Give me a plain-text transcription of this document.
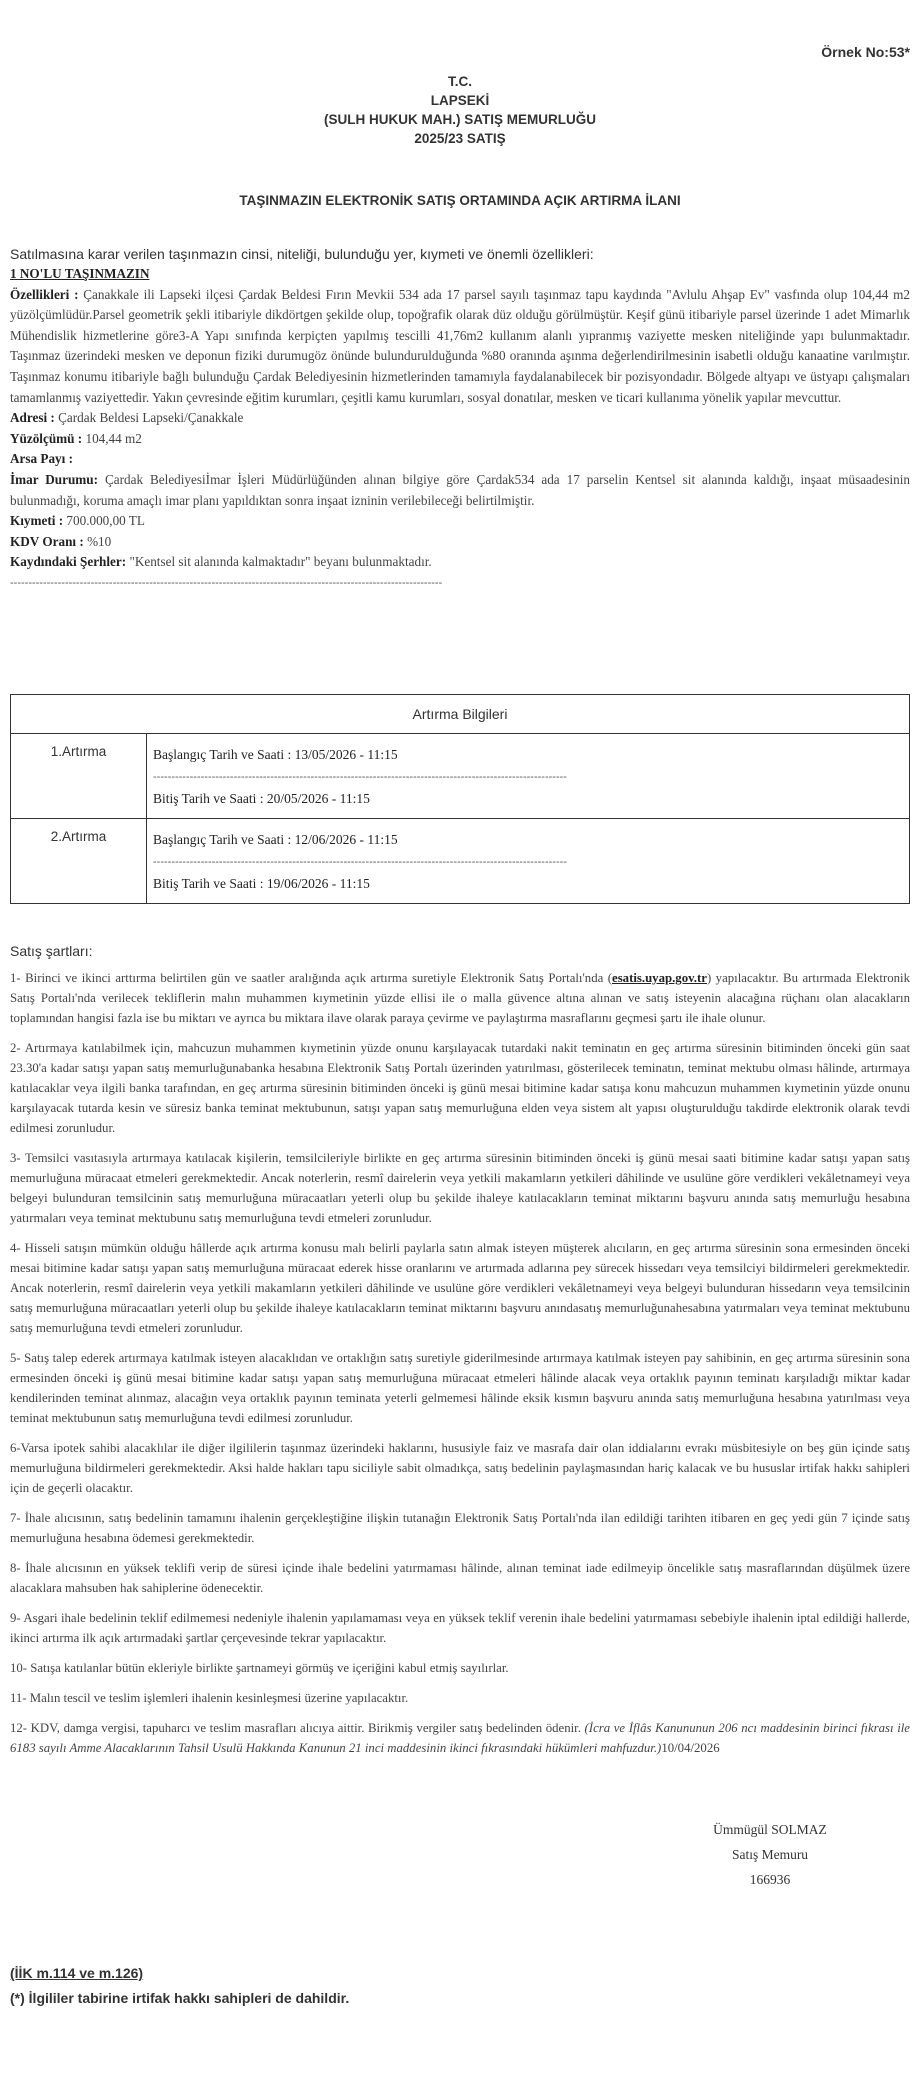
Örnek No:53*
T.C.
LAPSEKİ
(SULH HUKUK MAH.) SATIŞ MEMURLUĞU
2025/23 SATIŞ
TAŞINMAZIN ELEKTRONİK SATIŞ ORTAMINDA AÇIK ARTIRMA İLANI
Satılmasına karar verilen taşınmazın cinsi, niteliği, bulunduğu yer, kıymeti ve önemli özellikleri:
1 NO'LU TAŞINMAZIN
Özellikleri : Çanakkale ili Lapseki ilçesi Çardak Beldesi Fırın Mevkii 534 ada 17 parsel sayılı taşınmaz tapu kaydında "Avlulu Ahşap Ev" vasfında olup 104,44 m2 yüzölçümlüdür.Parsel geometrik şekli itibariyle dikdörtgen şekilde olup, topoğrafik olarak düz olduğu görülmüştür. Keşif günü itibariyle parsel üzerinde 1 adet Mimarlık Mühendislik hizmetlerine göre3-A Yapı sınıfında kerpiçten yapılmış tescilli 41,76m2 kullanım alanlı yıpranmış vaziyette mesken niteliğinde yapı bulunmaktadır. Taşınmaz üzerindeki mesken ve deponun fiziki durumugöz önünde bulundurulduğunda %80 oranında aşınma değerlendirilmesinin isabetli olduğu kanaatine varılmıştır. Taşınmaz konumu itibariyle bağlı bulunduğu Çardak Belediyesinin hizmetlerinden tamamıyla faydalanabilecek bir pozisyondadır. Bölgede altyapı ve üstyapı çalışmaları tamamlanmış vaziyettedir. Yakın çevresinde eğitim kurumları, çeşitli kamu kurumları, sosyal donatılar, mesken ve ticari kullanıma yönelik yapılar mevcuttur.
Adresi : Çardak Beldesi Lapseki/Çanakkale
Yüzölçümü : 104,44 m2
Arsa Payı :
İmar Durumu: Çardak Belediyesiİmar İşleri Müdürlüğünden alınan bilgiye göre Çardak534 ada 17 parselin Kentsel sit alanında kaldığı, inşaat müsaadesinin bulunmadığı, koruma amaçlı imar planı yapıldıktan sonra inşaat izninin verilebileceği belirtilmiştir.
Kıymeti : 700.000,00 TL
KDV Oranı : %10
Kaydındaki Şerhler: "Kentsel sit alanında kalmaktadır" beyanı bulunmaktadır.
----------------------------------------------------------------------------------------------------------------------
Artırma Bilgileri	
1.Artırma	Başlangıç Tarih ve Saati : 13/05/2026 - 11:15
-----------------------------------------------------------------------------------------------------------------
Bitiş Tarih ve Saati : 20/05/2026 - 11:15

2.Artırma	Başlangıç Tarih ve Saati : 12/06/2026 - 11:15
-----------------------------------------------------------------------------------------------------------------
Bitiş Tarih ve Saati : 19/06/2026 - 11:15
Satış şartları:

1- Birinci ve ikinci arttırma belirtilen gün ve saatler aralığında açık artırma suretiyle Elektronik Satış Portalı'nda (esatis.uyap.gov.tr) yapılacaktır. Bu artırmada Elektronik Satış Portalı'nda verilecek tekliflerin malın muhammen kıymetinin yüzde ellisi ile o malla güvence altına alınan ve satış isteyenin alacağına rüçhanı olan alacakların toplamından hangisi fazla ise bu miktarı ve ayrıca bu miktara ilave olarak paraya çevirme ve paylaştırma masraflarını geçmesi şartı ile ihale olunur.

2- Artırmaya katılabilmek için, mahcuzun muhammen kıymetinin yüzde onunu karşılayacak tutardaki nakit teminatın en geç artırma süresinin bitiminden önceki gün saat 23.30'a kadar satışı yapan satış memurluğunabanka hesabına Elektronik Satış Portalı üzerinden yatırılması, gösterilecek teminatın, teminat mektubu olması hâlinde, artırmaya katılacaklar veya ilgili banka tarafından, en geç artırma süresinin bitiminden önceki iş günü mesai bitimine kadar satışa konu mahcuzun muhammen kıymetinin yüzde onunu karşılayacak tutarda kesin ve süresiz banka teminat mektubunun, satışı yapan satış memurluğuna elden veya sistem alt yapısı oluşturulduğu takdirde elektronik olarak tevdi edilmesi zorunludur.

3- Temsilci vasıtasıyla artırmaya katılacak kişilerin, temsilcileriyle birlikte en geç artırma süresinin bitiminden önceki iş günü mesai saati bitimine kadar satışı yapan satış memurluğuna müracaat etmeleri gerekmektedir. Ancak noterlerin, resmî dairelerin veya yetkili makamların yetkileri dâhilinde ve usulüne göre verdikleri vekâletnameyi veya belgeyi bulunduran temsilcinin satış memurluğuna müracaatları yeterli olup bu şekilde ihaleye katılacakların teminat miktarını başvuru anında satış memurluğu hesabına yatırmaları veya teminat mektubunu satış memurluğuna tevdi etmeleri zorunludur.

4- Hisseli satışın mümkün olduğu hâllerde açık artırma konusu malı belirli paylarla satın almak isteyen müşterek alıcıların, en geç artırma süresinin sona ermesinden önceki mesai bitimine kadar satışı yapan satış memurluğuna müracaat ederek hisse oranlarını ve artırmada adlarına pey sürecek hissedarı veya temsilciyi bildirmeleri gerekmektedir. Ancak noterlerin, resmî dairelerin veya yetkili makamların yetkileri dâhilinde ve usulüne göre verdikleri vekâletnameyi veya belgeyi bulunduran hissedarın veya temsilcinin satış memurluğuna müracaatları yeterli olup bu şekilde ihaleye katılacakların teminat miktarını başvuru anındasatış memurluğunahesabına yatırmaları veya teminat mektubunu satış memurluğuna tevdi etmeleri zorunludur.

5- Satış talep ederek artırmaya katılmak isteyen alacaklıdan ve ortaklığın satış suretiyle giderilmesinde artırmaya katılmak isteyen pay sahibinin, en geç artırma süresinin sona ermesinden önceki iş günü mesai bitimine kadar satışı yapan satış memurluğuna müracaat etmeleri hâlinde alacak veya ortaklık payının teminatı karşıladığı miktar kadar kendilerinden teminat alınmaz, alacağın veya ortaklık payının teminata yeterli gelmemesi hâlinde eksik kısmın başvuru anında satış memurluğuna hesabına yatırılması veya teminat mektubunun satış memurluğuna tevdi edilmesi zorunludur.

6-Varsa ipotek sahibi alacaklılar ile diğer ilgililerin taşınmaz üzerindeki haklarını, hususiyle faiz ve masrafa dair olan iddialarını evrakı müsbitesiyle on beş gün içinde satış memurluğuna bildirmeleri gerekmektedir. Aksi halde hakları tapu siciliyle sabit olmadıkça, satış bedelinin paylaşmasından hariç kalacak ve bu hususlar irtifak hakkı sahipleri için de geçerli olacaktır.

7- İhale alıcısının, satış bedelinin tamamını ihalenin gerçekleştiğine ilişkin tutanağın Elektronik Satış Portalı'nda ilan edildiği tarihten itibaren en geç yedi gün 7 içinde satış memurluğuna hesabına ödemesi gerekmektedir.

8- İhale alıcısının en yüksek teklifi verip de süresi içinde ihale bedelini yatırmaması hâlinde, alınan teminat iade edilmeyip öncelikle satış masraflarından düşülmek üzere alacaklara mahsuben hak sahiplerine ödenecektir.

9- Asgari ihale bedelinin teklif edilmemesi nedeniyle ihalenin yapılamaması veya en yüksek teklif verenin ihale bedelini yatırmaması sebebiyle ihalenin iptal edildiği hallerde, ikinci artırma ilk açık artırmadaki şartlar çerçevesinde tekrar yapılacaktır.

10- Satışa katılanlar bütün ekleriyle birlikte şartnameyi görmüş ve içeriğini kabul etmiş sayılırlar.

11- Malın tescil ve teslim işlemleri ihalenin kesinleşmesi üzerine yapılacaktır.

12- KDV, damga vergisi, tapuharcı ve teslim masrafları alıcıya aittir. Birikmiş vergiler satış bedelinden ödenir. (İcra ve İflâs Kanununun 206 ncı maddesinin birinci fıkrası ile 6183 sayılı Amme Alacaklarının Tahsil Usulü Hakkında Kanunun 21 inci maddesinin ikinci fıkrasındaki hükümleri mahfuzdur.)10/04/2026

Ümmügül SOLMAZ
Satış Memuru
166936
(İİK m.114 ve m.126)
(*) İlgililer tabirine irtifak hakkı sahipleri de dahildir.
